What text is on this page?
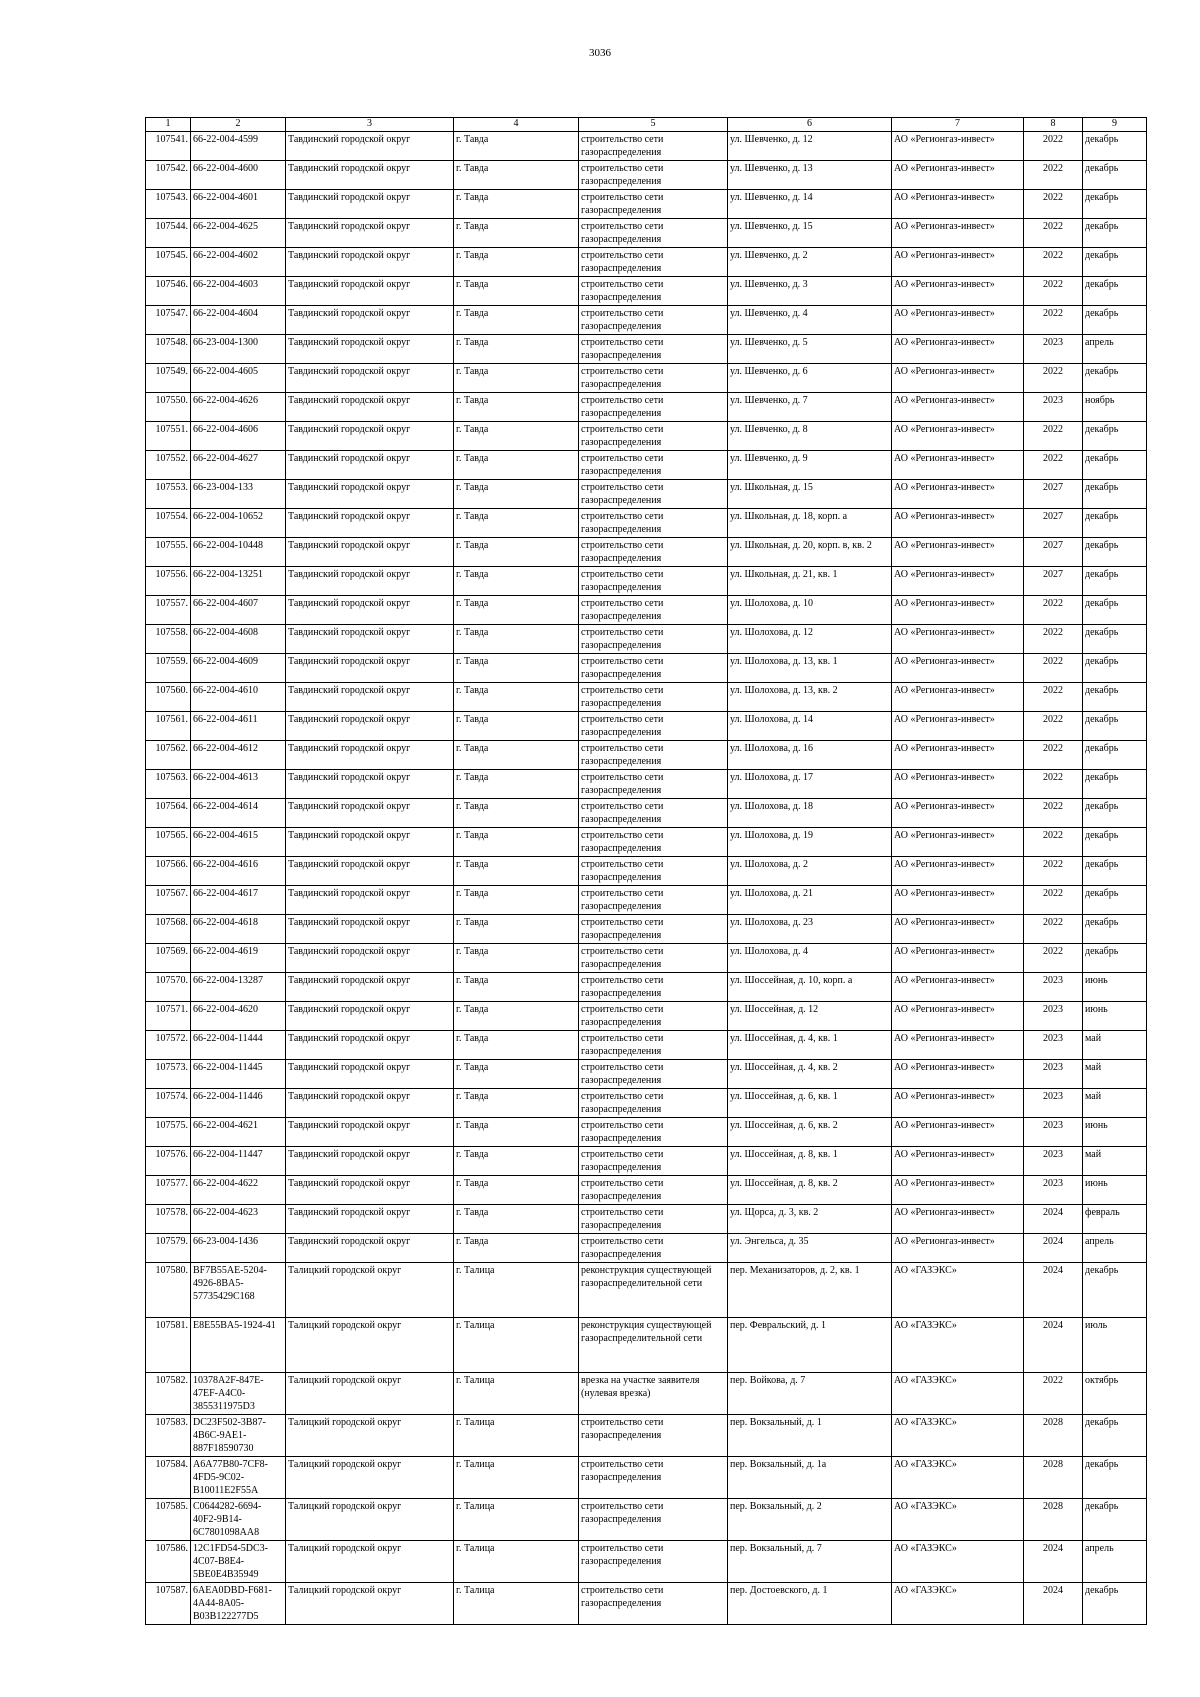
3036
1	2	3	4	5	6	7	8	9
107541.	66-22-004-4599	Тавдинский городской округ	г. Тавда	строительство сети газораспределения	ул. Шевченко, д. 12	АО «Регионгаз-инвест»	2022	декабрь
107542.	66-22-004-4600	Тавдинский городской округ	г. Тавда	строительство сети газораспределения	ул. Шевченко, д. 13	АО «Регионгаз-инвест»	2022	декабрь
107543.	66-22-004-4601	Тавдинский городской округ	г. Тавда	строительство сети газораспределения	ул. Шевченко, д. 14	АО «Регионгаз-инвест»	2022	декабрь
107544.	66-22-004-4625	Тавдинский городской округ	г. Тавда	строительство сети газораспределения	ул. Шевченко, д. 15	АО «Регионгаз-инвест»	2022	декабрь
107545.	66-22-004-4602	Тавдинский городской округ	г. Тавда	строительство сети газораспределения	ул. Шевченко, д. 2	АО «Регионгаз-инвест»	2022	декабрь
107546.	66-22-004-4603	Тавдинский городской округ	г. Тавда	строительство сети газораспределения	ул. Шевченко, д. 3	АО «Регионгаз-инвест»	2022	декабрь
107547.	66-22-004-4604	Тавдинский городской округ	г. Тавда	строительство сети газораспределения	ул. Шевченко, д. 4	АО «Регионгаз-инвест»	2022	декабрь
107548.	66-23-004-1300	Тавдинский городской округ	г. Тавда	строительство сети газораспределения	ул. Шевченко, д. 5	АО «Регионгаз-инвест»	2023	апрель
107549.	66-22-004-4605	Тавдинский городской округ	г. Тавда	строительство сети газораспределения	ул. Шевченко, д. 6	АО «Регионгаз-инвест»	2022	декабрь
107550.	66-22-004-4626	Тавдинский городской округ	г. Тавда	строительство сети газораспределения	ул. Шевченко, д. 7	АО «Регионгаз-инвест»	2023	ноябрь
107551.	66-22-004-4606	Тавдинский городской округ	г. Тавда	строительство сети газораспределения	ул. Шевченко, д. 8	АО «Регионгаз-инвест»	2022	декабрь
107552.	66-22-004-4627	Тавдинский городской округ	г. Тавда	строительство сети газораспределения	ул. Шевченко, д. 9	АО «Регионгаз-инвест»	2022	декабрь
107553.	66-23-004-133	Тавдинский городской округ	г. Тавда	строительство сети газораспределения	ул. Школьная, д. 15	АО «Регионгаз-инвест»	2027	декабрь
107554.	66-22-004-10652	Тавдинский городской округ	г. Тавда	строительство сети газораспределения	ул. Школьная, д. 18, корп. а	АО «Регионгаз-инвест»	2027	декабрь
107555.	66-22-004-10448	Тавдинский городской округ	г. Тавда	строительство сети газораспределения	ул. Школьная, д. 20, корп. в, кв. 2	АО «Регионгаз-инвест»	2027	декабрь
107556.	66-22-004-13251	Тавдинский городской округ	г. Тавда	строительство сети газораспределения	ул. Школьная, д. 21, кв. 1	АО «Регионгаз-инвест»	2027	декабрь
107557.	66-22-004-4607	Тавдинский городской округ	г. Тавда	строительство сети газораспределения	ул. Шолохова, д. 10	АО «Регионгаз-инвест»	2022	декабрь
107558.	66-22-004-4608	Тавдинский городской округ	г. Тавда	строительство сети газораспределения	ул. Шолохова, д. 12	АО «Регионгаз-инвест»	2022	декабрь
107559.	66-22-004-4609	Тавдинский городской округ	г. Тавда	строительство сети газораспределения	ул. Шолохова, д. 13, кв. 1	АО «Регионгаз-инвест»	2022	декабрь
107560.	66-22-004-4610	Тавдинский городской округ	г. Тавда	строительство сети газораспределения	ул. Шолохова, д. 13, кв. 2	АО «Регионгаз-инвест»	2022	декабрь
107561.	66-22-004-4611	Тавдинский городской округ	г. Тавда	строительство сети газораспределения	ул. Шолохова, д. 14	АО «Регионгаз-инвест»	2022	декабрь
107562.	66-22-004-4612	Тавдинский городской округ	г. Тавда	строительство сети газораспределения	ул. Шолохова, д. 16	АО «Регионгаз-инвест»	2022	декабрь
107563.	66-22-004-4613	Тавдинский городской округ	г. Тавда	строительство сети газораспределения	ул. Шолохова, д. 17	АО «Регионгаз-инвест»	2022	декабрь
107564.	66-22-004-4614	Тавдинский городской округ	г. Тавда	строительство сети газораспределения	ул. Шолохова, д. 18	АО «Регионгаз-инвест»	2022	декабрь
107565.	66-22-004-4615	Тавдинский городской округ	г. Тавда	строительство сети газораспределения	ул. Шолохова, д. 19	АО «Регионгаз-инвест»	2022	декабрь
107566.	66-22-004-4616	Тавдинский городской округ	г. Тавда	строительство сети газораспределения	ул. Шолохова, д. 2	АО «Регионгаз-инвест»	2022	декабрь
107567.	66-22-004-4617	Тавдинский городской округ	г. Тавда	строительство сети газораспределения	ул. Шолохова, д. 21	АО «Регионгаз-инвест»	2022	декабрь
107568.	66-22-004-4618	Тавдинский городской округ	г. Тавда	строительство сети газораспределения	ул. Шолохова, д. 23	АО «Регионгаз-инвест»	2022	декабрь
107569.	66-22-004-4619	Тавдинский городской округ	г. Тавда	строительство сети газораспределения	ул. Шолохова, д. 4	АО «Регионгаз-инвест»	2022	декабрь
107570.	66-22-004-13287	Тавдинский городской округ	г. Тавда	строительство сети газораспределения	ул. Шоссейная, д. 10, корп. а	АО «Регионгаз-инвест»	2023	июнь
107571.	66-22-004-4620	Тавдинский городской округ	г. Тавда	строительство сети газораспределения	ул. Шоссейная, д. 12	АО «Регионгаз-инвест»	2023	июнь
107572.	66-22-004-11444	Тавдинский городской округ	г. Тавда	строительство сети газораспределения	ул. Шоссейная, д. 4, кв. 1	АО «Регионгаз-инвест»	2023	май
107573.	66-22-004-11445	Тавдинский городской округ	г. Тавда	строительство сети газораспределения	ул. Шоссейная, д. 4, кв. 2	АО «Регионгаз-инвест»	2023	май
107574.	66-22-004-11446	Тавдинский городской округ	г. Тавда	строительство сети газораспределения	ул. Шоссейная, д. 6, кв. 1	АО «Регионгаз-инвест»	2023	май
107575.	66-22-004-4621	Тавдинский городской округ	г. Тавда	строительство сети газораспределения	ул. Шоссейная, д. 6, кв. 2	АО «Регионгаз-инвест»	2023	июнь
107576.	66-22-004-11447	Тавдинский городской округ	г. Тавда	строительство сети газораспределения	ул. Шоссейная, д. 8, кв. 1	АО «Регионгаз-инвест»	2023	май
107577.	66-22-004-4622	Тавдинский городской округ	г. Тавда	строительство сети газораспределения	ул. Шоссейная, д. 8, кв. 2	АО «Регионгаз-инвест»	2023	июнь
107578.	66-22-004-4623	Тавдинский городской округ	г. Тавда	строительство сети газораспределения	ул. Щорса, д. 3, кв. 2	АО «Регионгаз-инвест»	2024	февраль
107579.	66-23-004-1436	Тавдинский городской округ	г. Тавда	строительство сети газораспределения	ул. Энгельса, д. 35	АО «Регионгаз-инвест»	2024	апрель
107580.	BF7B55AE-5204-4926-8BA5-57735429C168	Талицкий городской округ	г. Талица	реконструкция существующей газораспределительной сети	пер. Механизаторов, д. 2, кв. 1	АО «ГАЗЭКС»	2024	декабрь
107581.	E8E55BA5-1924-41	Талицкий городской округ	г. Талица	реконструкция существующей газораспределительной сети	пер. Февральский, д. 1	АО «ГАЗЭКС»	2024	июль
107582.	10378A2F-847E-47EF-A4C0-3855311975D3	Талицкий городской округ	г. Талица	врезка на участке заявителя (нулевая врезка)	пер. Войкова, д. 7	АО «ГАЗЭКС»	2022	октябрь
107583.	DC23F502-3B87-4B6C-9AE1-887F18590730	Талицкий городской округ	г. Талица	строительство сети газораспределения	пер. Вокзальный, д. 1	АО «ГАЗЭКС»	2028	декабрь
107584.	A6A77B80-7CF8-4FD5-9C02-B10011E2F55A	Талицкий городской округ	г. Талица	строительство сети газораспределения	пер. Вокзальный, д. 1а	АО «ГАЗЭКС»	2028	декабрь
107585.	C0644282-6694-40F2-9B14-6C7801098AA8	Талицкий городской округ	г. Талица	строительство сети газораспределения	пер. Вокзальный, д. 2	АО «ГАЗЭКС»	2028	декабрь
107586.	12C1FD54-5DC3-4C07-B8E4-5BE0E4B35949	Талицкий городской округ	г. Талица	строительство сети газораспределения	пер. Вокзальный, д. 7	АО «ГАЗЭКС»	2024	апрель
107587.	6AEA0DBD-F681-4A44-8A05-B03B122277D5	Талицкий городской округ	г. Талица	строительство сети газораспределения	пер. Достоевского, д. 1	АО «ГАЗЭКС»	2024	декабрь
